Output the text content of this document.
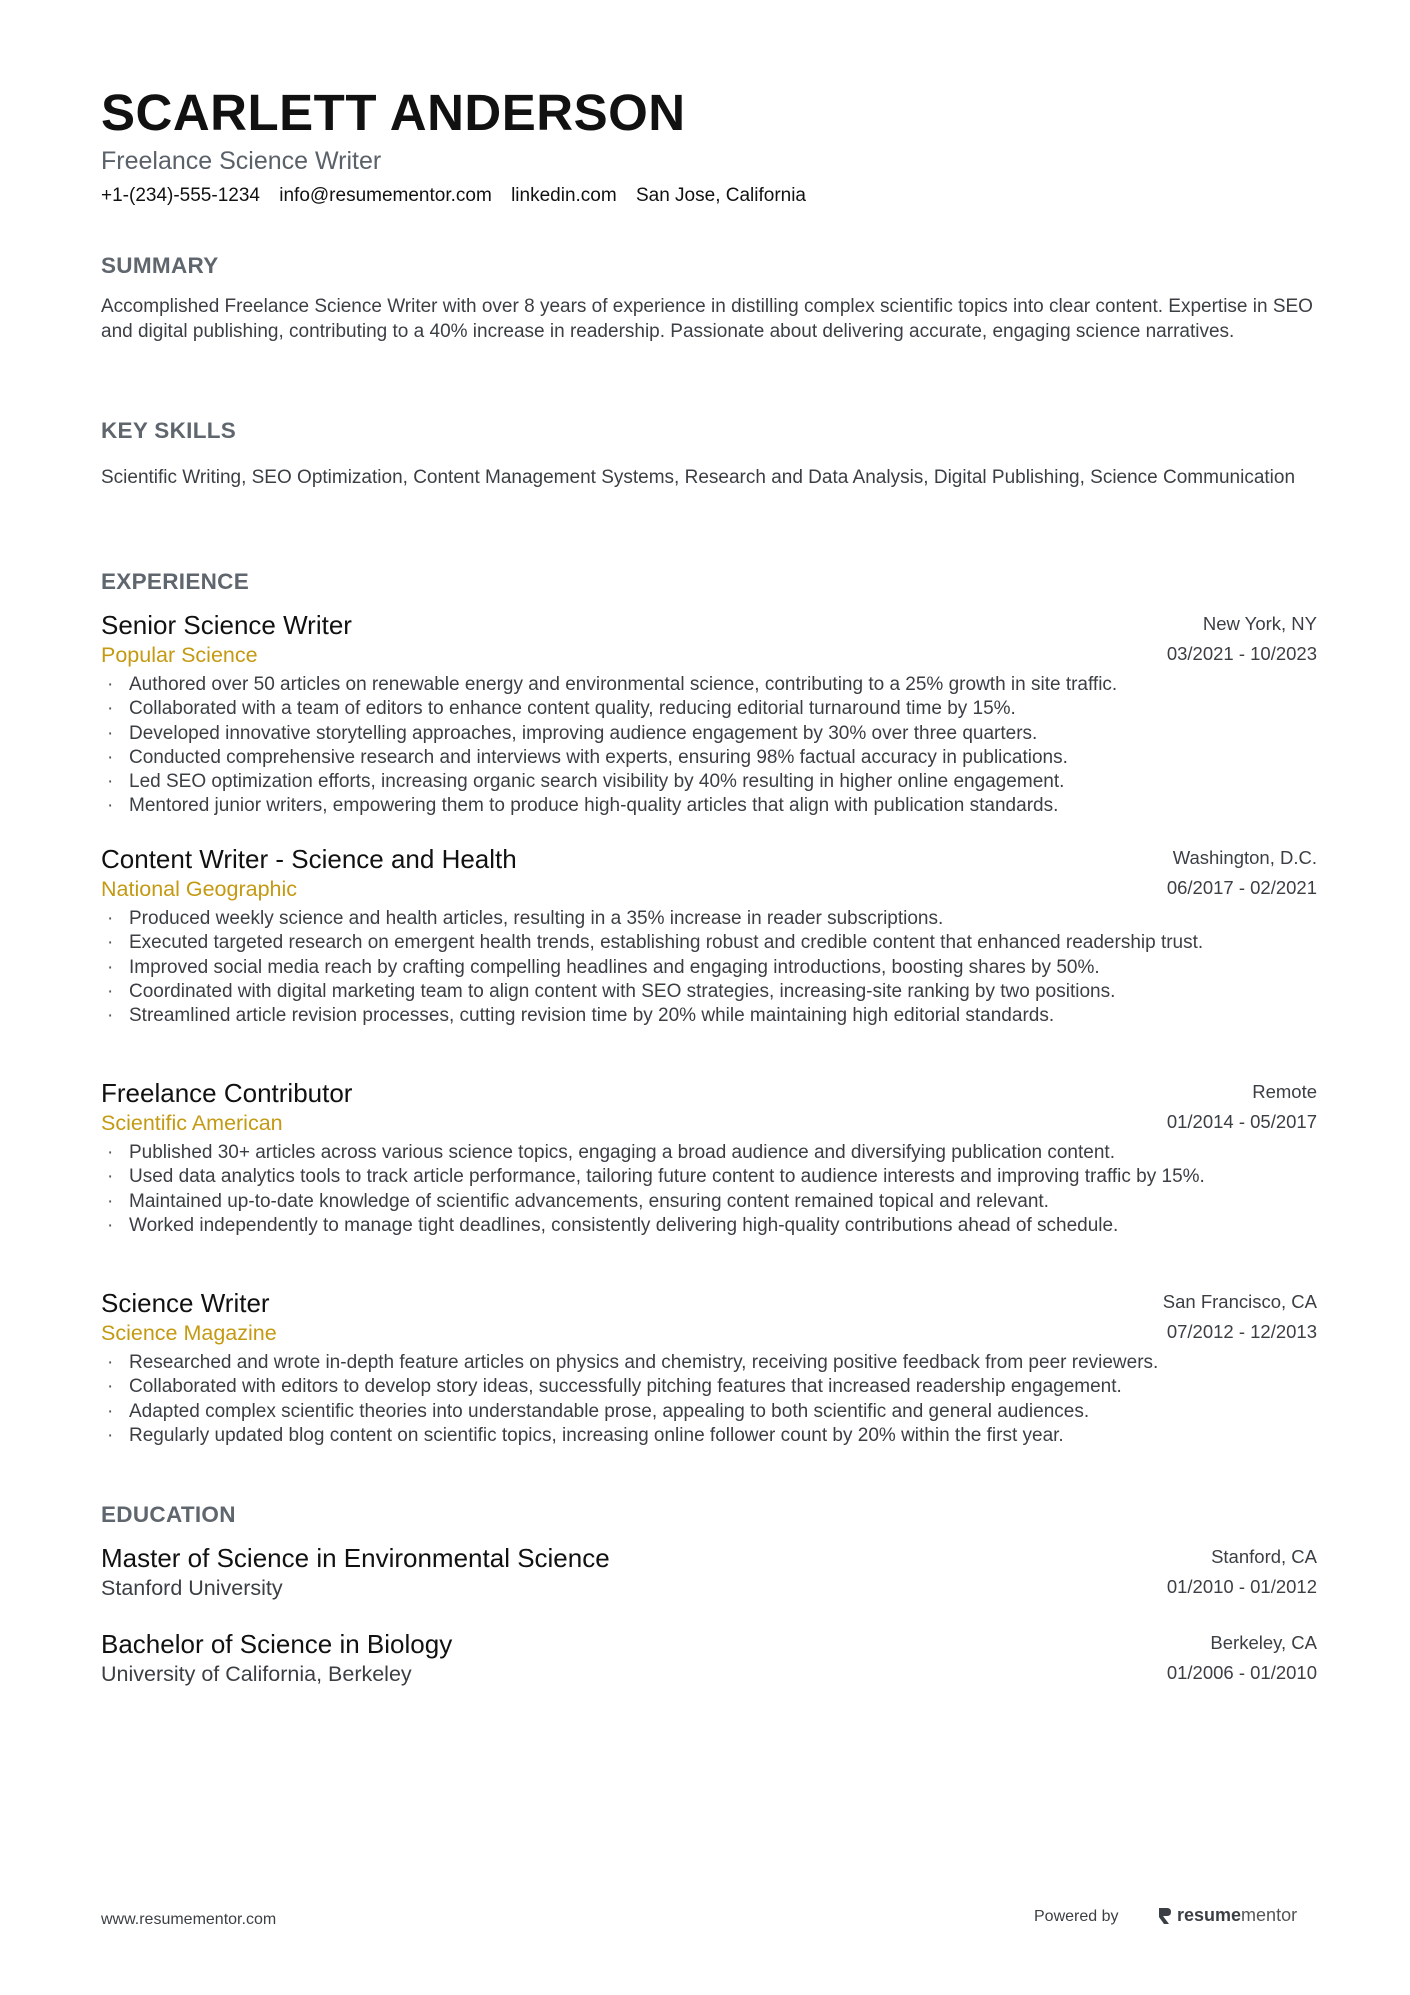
SCARLETT ANDERSON
Freelance Science Writer
+1-(234)-555-1234 info@resumementor.com linkedin.com San Jose, California
SUMMARY
Accomplished Freelance Science Writer with over 8 years of experience in distilling complex scientific topics into clear content. Expertise in SEO and digital publishing, contributing to a 40% increase in readership. Passionate about delivering accurate, engaging science narratives.
KEY SKILLS
Scientific Writing, SEO Optimization, Content Management Systems, Research and Data Analysis, Digital Publishing, Science Communication
EXPERIENCE
Senior Science Writer
Popular Science
New York, NY
03/2021 - 10/2023
· Authored over 50 articles on renewable energy and environmental science, contributing to a 25% growth in site traffic.
· Collaborated with a team of editors to enhance content quality, reducing editorial turnaround time by 15%.
· Developed innovative storytelling approaches, improving audience engagement by 30% over three quarters.
· Conducted comprehensive research and interviews with experts, ensuring 98% factual accuracy in publications.
· Led SEO optimization efforts, increasing organic search visibility by 40% resulting in higher online engagement.
· Mentored junior writers, empowering them to produce high-quality articles that align with publication standards.
Content Writer - Science and Health
National Geographic
Washington, D.C.
06/2017 - 02/2021
· Produced weekly science and health articles, resulting in a 35% increase in reader subscriptions.
· Executed targeted research on emergent health trends, establishing robust and credible content that enhanced readership trust.
· Improved social media reach by crafting compelling headlines and engaging introductions, boosting shares by 50%.
· Coordinated with digital marketing team to align content with SEO strategies, increasing-site ranking by two positions.
· Streamlined article revision processes, cutting revision time by 20% while maintaining high editorial standards.
Freelance Contributor
Scientific American
Remote
01/2014 - 05/2017
· Published 30+ articles across various science topics, engaging a broad audience and diversifying publication content.
· Used data analytics tools to track article performance, tailoring future content to audience interests and improving traffic by 15%.
· Maintained up-to-date knowledge of scientific advancements, ensuring content remained topical and relevant.
· Worked independently to manage tight deadlines, consistently delivering high-quality contributions ahead of schedule.
Science Writer
Science Magazine
San Francisco, CA
07/2012 - 12/2013
· Researched and wrote in-depth feature articles on physics and chemistry, receiving positive feedback from peer reviewers.
· Collaborated with editors to develop story ideas, successfully pitching features that increased readership engagement.
· Adapted complex scientific theories into understandable prose, appealing to both scientific and general audiences.
· Regularly updated blog content on scientific topics, increasing online follower count by 20% within the first year.
EDUCATION
Master of Science in Environmental Science
Stanford University
Stanford, CA
01/2010 - 01/2012
Bachelor of Science in Biology
University of California, Berkeley
Berkeley, CA
01/2006 - 01/2010
www.resumementor.com	Powered by	resume mentor
